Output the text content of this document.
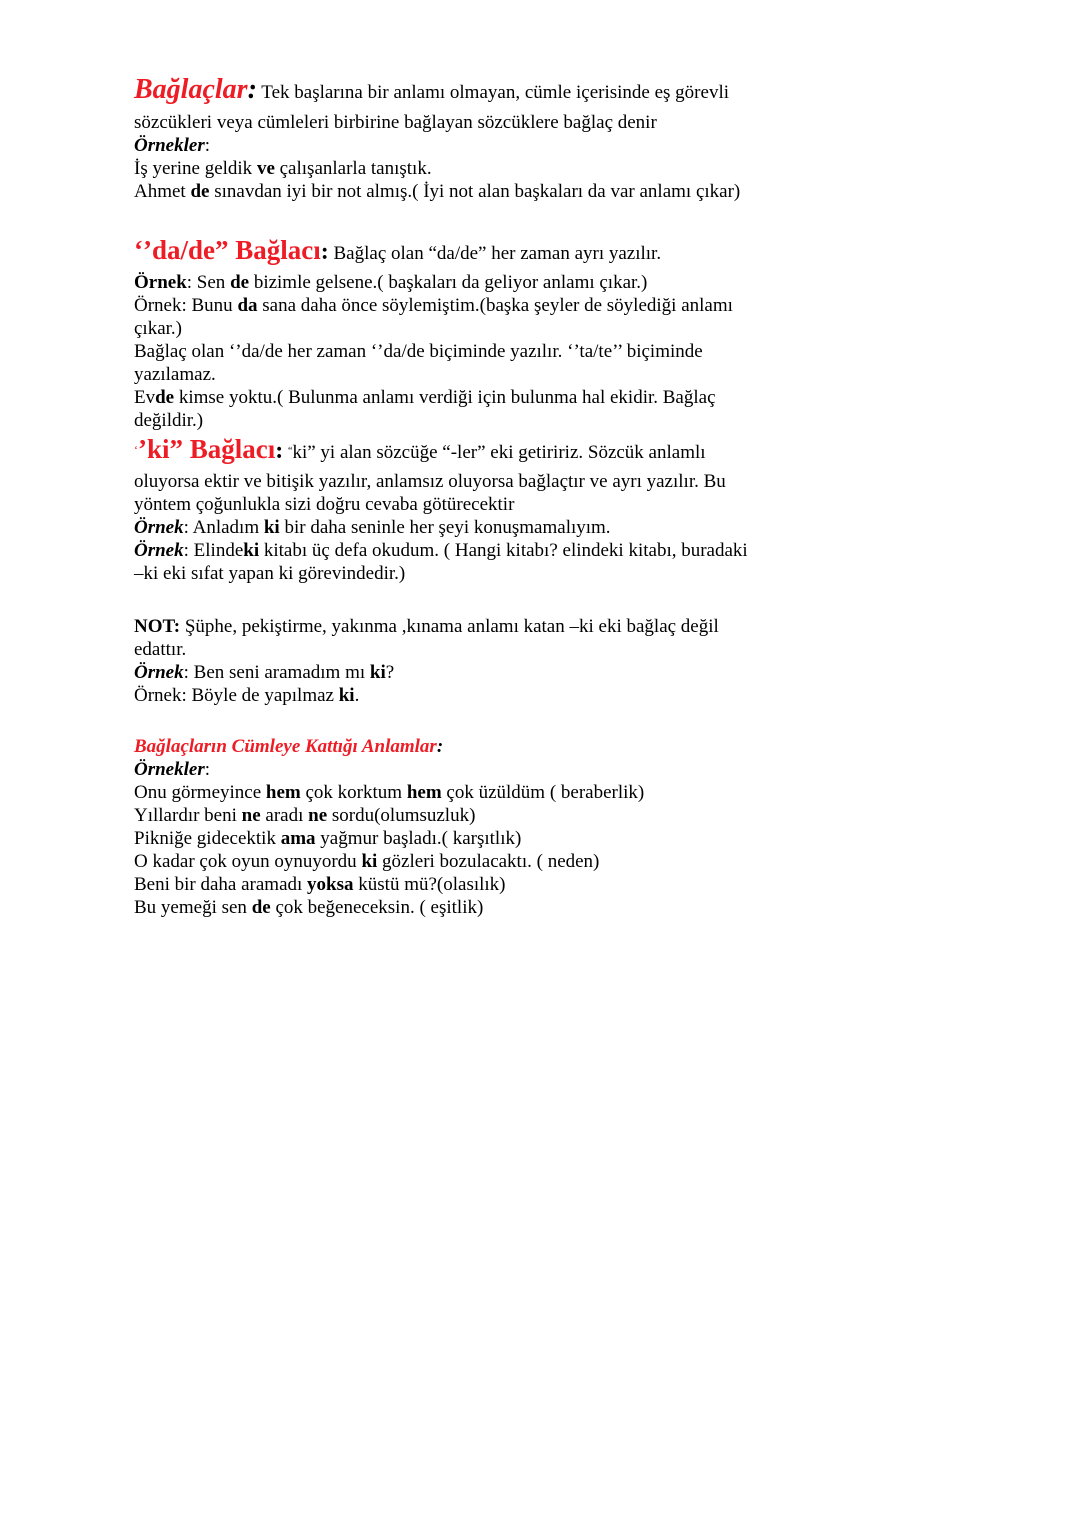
Bağlaçlar: Tek başlarına bir anlamı olmayan, cümle içerisinde eş görevli
sözcükleri veya cümleleri birbirine bağlayan sözcüklere bağlaç denir
Örnekler:
İş yerine geldik ve çalışanlarla tanıştık.
Ahmet de sınavdan iyi bir not almış.( İyi not alan başkaları da var anlamı çıkar)
‘’da/de” Bağlacı: Bağlaç olan “da/de” her zaman ayrı yazılır.
Örnek: Sen de bizimle gelsene.( başkaları da geliyor anlamı çıkar.)
Örnek: Bunu da sana daha önce söylemiştim.(başka şeyler de söylediği anlamı
çıkar.)
Bağlaç olan ‘’da/de her zaman ‘’da/de biçiminde yazılır. ‘’ta/te’’ biçiminde
yazılamaz.
Evde kimse yoktu.( Bulunma anlamı verdiği için bulunma hal ekidir. Bağlaç
değildir.)
‘’ki” Bağlacı: “ki” yi alan sözcüğe “-ler” eki getiririz. Sözcük anlamlı
oluyorsa ektir ve bitişik yazılır, anlamsız oluyorsa bağlaçtır ve ayrı yazılır. Bu
yöntem çoğunlukla sizi doğru cevaba götürecektir
Örnek: Anladım ki bir daha seninle her şeyi konuşmamalıyım.
Örnek: Elindeki kitabı üç defa okudum. ( Hangi kitabı? elindeki kitabı, buradaki
–ki eki sıfat yapan ki görevindedir.)
NOT: Şüphe, pekiştirme, yakınma ,kınama anlamı katan –ki eki bağlaç değil
edattır.
Örnek: Ben seni aramadım mı ki?
Örnek: Böyle de yapılmaz ki.
Bağlaçların Cümleye Kattığı Anlamlar:
Örnekler:
Onu görmeyince hem çok korktum hem çok üzüldüm ( beraberlik)
Yıllardır beni ne aradı ne sordu(olumsuzluk)
Pikniğe gidecektik ama yağmur başladı.( karşıtlık)
O kadar çok oyun oynuyordu ki gözleri bozulacaktı. ( neden)
Beni bir daha aramadı yoksa küstü mü?(olasılık)
Bu yemeği sen de çok beğeneceksin. ( eşitlik)
